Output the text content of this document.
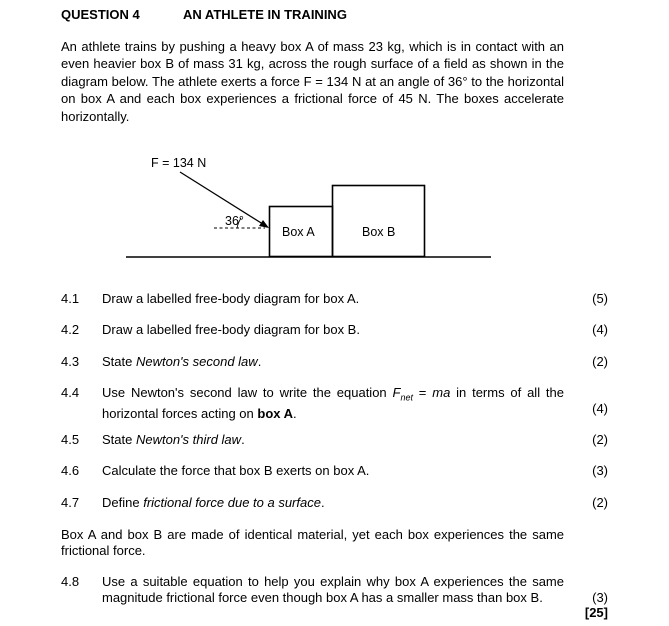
QUESTION 4	AN ATHLETE IN TRAINING
An athlete trains by pushing a heavy box A of mass 23 kg, which is in contact with an even heavier box B of mass 31 kg, across the rough surface of a field as shown in the diagram below. The athlete exerts a force F = 134 N at an angle of 36° to the horizontal on box A and each box experiences a frictional force of 45 N. The boxes accelerate horizontally.
F = 134 N
36°
Box A	Box B
4.1 Draw a labelled free-body diagram for box A.	(5)
4.2 Draw a labelled free-body diagram for box B.	(4)
4.3 State Newton's second law.	(2)
4.4 Use Newton's second law to write the equation $F_{net}$ = ma in terms of all the horizontal forces acting on box A.	(4)
4.5 State Newton's third law.	(2)
4.6 Calculate the force that box B exerts on box A.	(3)
4.7 Define frictional force due to a surface.	(2)
Box A and box B are made of identical material, yet each box experiences the same frictional force.
4.8 Use a suitable equation to help you explain why box A experiences the same magnitude frictional force even though box A has a smaller mass than box B.	(3)
[25]
